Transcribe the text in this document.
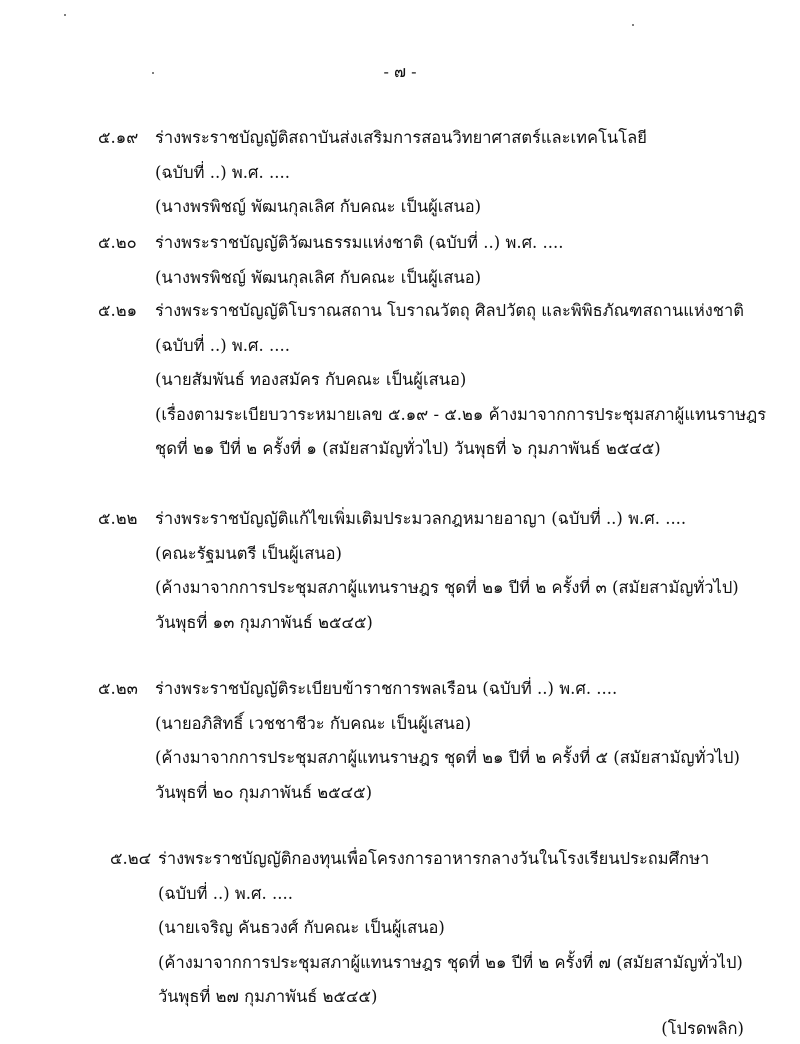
- ๗ -
๕.๑๙ ร่างพระราชบัญญัติสถาบันส่งเสริมการสอนวิทยาศาสตร์และเทคโนโลยี
(ฉบับที่ ..) พ.ศ. ....
(นางพรพิชญ์ พัฒนกุลเลิศ กับคณะ เป็นผู้เสนอ)
๕.๒๐ ร่างพระราชบัญญัติวัฒนธรรมแห่งชาติ (ฉบับที่ ..) พ.ศ. ....
(นางพรพิชญ์ พัฒนกุลเลิศ กับคณะ เป็นผู้เสนอ)
๕.๒๑ ร่างพระราชบัญญัติโบราณสถาน โบราณวัตถุ ศิลปวัตถุ และพิพิธภัณฑสถานแห่งชาติ
(ฉบับที่ ..) พ.ศ. ....
(นายสัมพันธ์ ทองสมัคร กับคณะ เป็นผู้เสนอ)
(เรื่องตามระเบียบวาระหมายเลข ๕.๑๙ - ๕.๒๑ ค้างมาจากการประชุมสภาผู้แทนราษฎร
ชุดที่ ๒๑ ปีที่ ๒ ครั้งที่ ๑ (สมัยสามัญทั่วไป) วันพุธที่ ๖ กุมภาพันธ์ ๒๕๔๕)
๕.๒๒ ร่างพระราชบัญญัติแก้ไขเพิ่มเติมประมวลกฎหมายอาญา (ฉบับที่ ..) พ.ศ. ....
(คณะรัฐมนตรี เป็นผู้เสนอ)
(ค้างมาจากการประชุมสภาผู้แทนราษฎร ชุดที่ ๒๑ ปีที่ ๒ ครั้งที่ ๓ (สมัยสามัญทั่วไป)
วันพุธที่ ๑๓ กุมภาพันธ์ ๒๕๔๕)
๕.๒๓ ร่างพระราชบัญญัติระเบียบข้าราชการพลเรือน (ฉบับที่ ..) พ.ศ. ....
(นายอภิสิทธิ์ เวชชาชีวะ กับคณะ เป็นผู้เสนอ)
(ค้างมาจากการประชุมสภาผู้แทนราษฎร ชุดที่ ๒๑ ปีที่ ๒ ครั้งที่ ๕ (สมัยสามัญทั่วไป)
วันพุธที่ ๒๐ กุมภาพันธ์ ๒๕๔๕)
๕.๒๔ ร่างพระราชบัญญัติกองทุนเพื่อโครงการอาหารกลางวันในโรงเรียนประถมศึกษา
(ฉบับที่ ..) พ.ศ. ....
(นายเจริญ คันธวงศ์ กับคณะ เป็นผู้เสนอ)
(ค้างมาจากการประชุมสภาผู้แทนราษฎร ชุดที่ ๒๑ ปีที่ ๒ ครั้งที่ ๗ (สมัยสามัญทั่วไป)
วันพุธที่ ๒๗ กุมภาพันธ์ ๒๕๔๕)
(โปรดพลิก)
